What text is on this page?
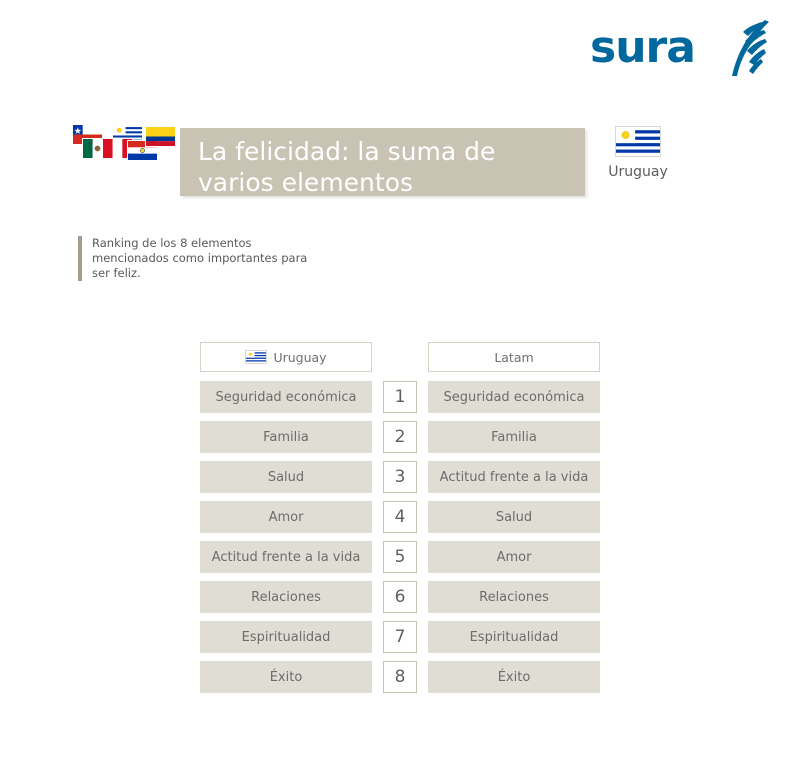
sura
La felicidad: la suma de varios elementos	Uruguay
Ranking de los 8 elementos mencionados como importantes para ser feliz.
Uruguay	Latam
Seguridad económica	1	Seguridad económica
Familia	2	Familia
Salud	3	Actitud frente a la vida
Amor	4	Salud
Actitud frente a la vida	5	Amor
Relaciones	6	Relaciones
Espiritualidad	7	Espiritualidad
Éxito	8	Éxito
